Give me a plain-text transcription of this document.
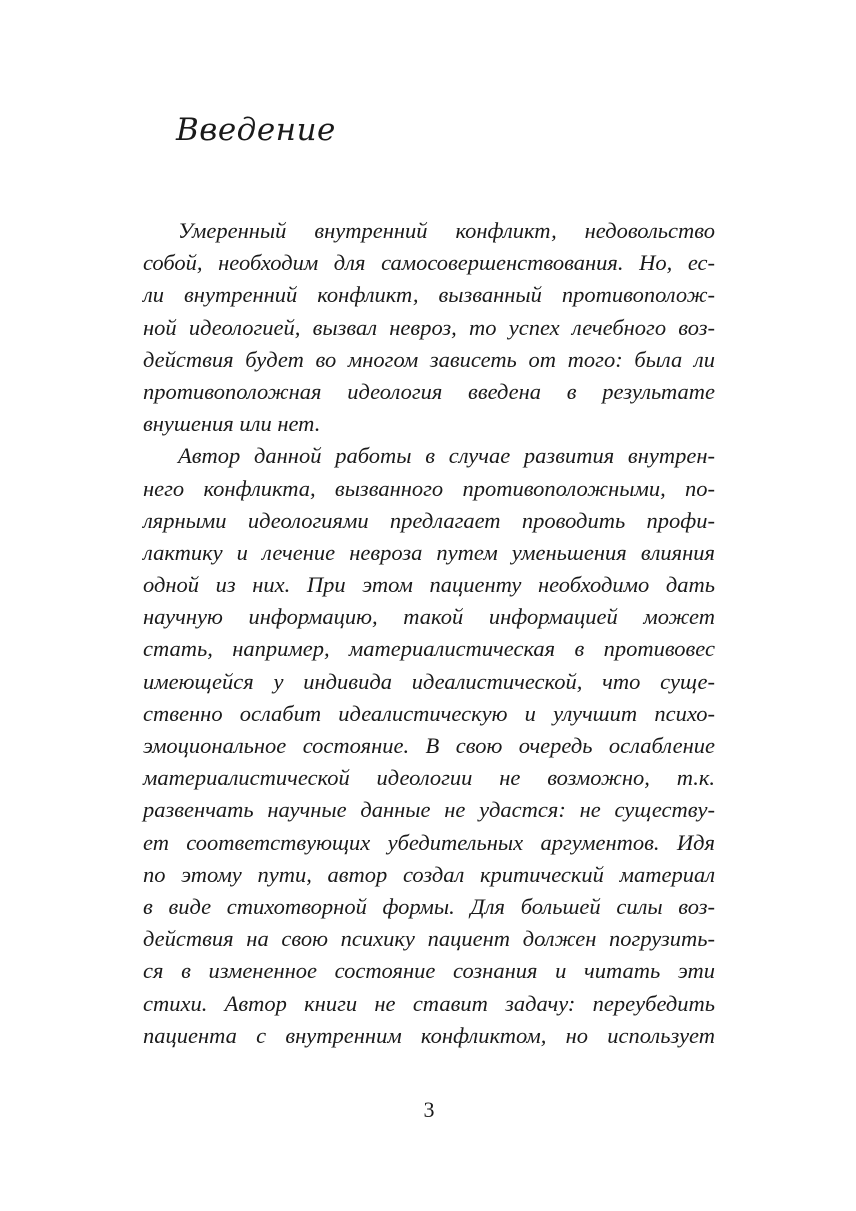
Введение
Умеренный внутренний конфликт, недовольство
собой, необходим для самосовершенствования. Но, ес-
ли внутренний конфликт, вызванный противополож-
ной идеологией, вызвал невроз, то успех лечебного воз-
действия будет во многом зависеть от того: была ли
противоположная идеология введена в результате
внушения или нет.
Автор данной работы в случае развития внутрен-
него конфликта, вызванного противоположными, по-
лярными идеологиями предлагает проводить профи-
лактику и лечение невроза путем уменьшения влияния
одной из них. При этом пациенту необходимо дать
научную информацию, такой информацией может
стать, например, материалистическая в противовес
имеющейся у индивида идеалистической, что суще-
ственно ослабит идеалистическую и улучшит психо-
эмоциональное состояние. В свою очередь ослабление
материалистической идеологии не возможно, т.к.
развенчать научные данные не удастся: не существу-
ет соответствующих убедительных аргументов. Идя
по этому пути, автор создал критический материал
в виде стихотворной формы. Для большей силы воз-
действия на свою психику пациент должен погрузить-
ся в измененное состояние сознания и читать эти
стихи. Автор книги не ставит задачу: переубедить
пациента с внутренним конфликтом, но использует

3
